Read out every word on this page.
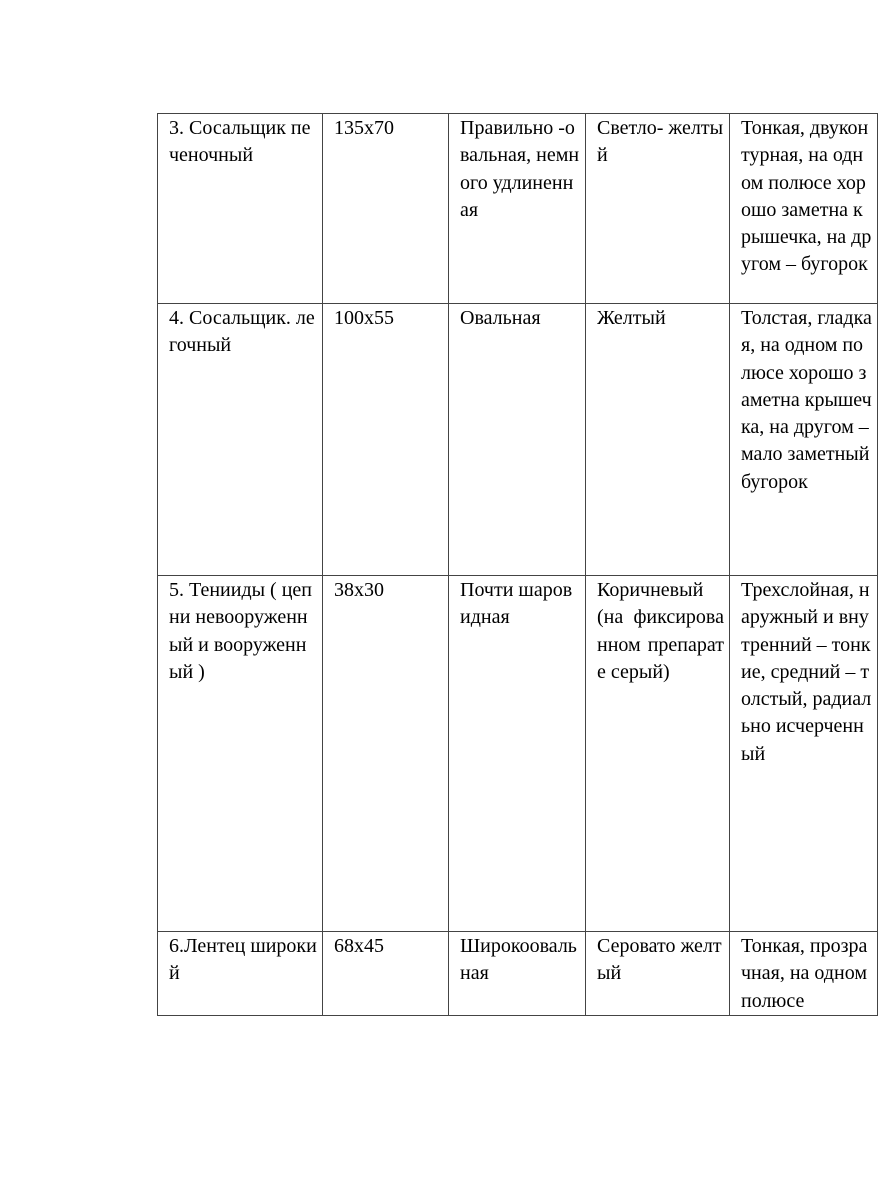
3. Сосальщик печеночный	135x70	Правильно -овальная, немного удлиненная	Светло- желтый	Тонкая, двуконтурная, на одном полюсе хорошо заметна крышечка, на другом – бугорок

4. Сосальщик. легочный	100x55	Овальная	Желтый	Толстая, гладкая, на одном полюсе хорошо заметна крышечка, на другом – мало заметный бугорок

5. Тенииды ( цепни невооруженный и вооруженный )	38x30	Почти шаровидная	Коричневый (на фиксированном препарате серый)	Трехслойная, наружный и внутренний – тонкие, средний – толстый, радиально исчерченный

6.Лентец широкий	68x45	Широкоовальная	Серовато желтый	Тонкая, прозрачная, на одном полюсе
